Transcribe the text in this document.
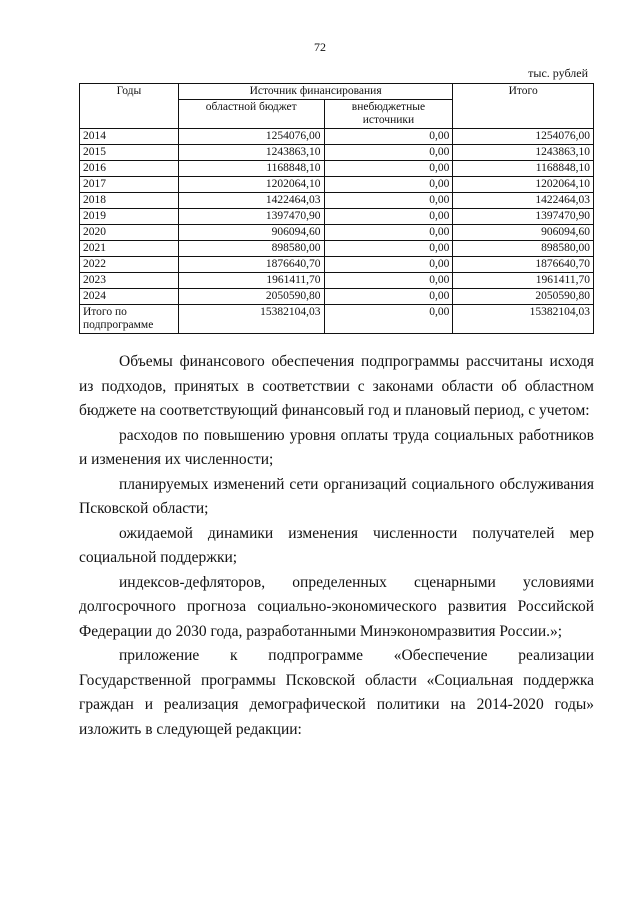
72
тыс. рублей
Годы	Источник финансирования		Итого
	областной бюджет	внебюджетные источники	
2014	1254076,00	0,00	1254076,00
2015	1243863,10	0,00	1243863,10
2016	1168848,10	0,00	1168848,10
2017	1202064,10	0,00	1202064,10
2018	1422464,03	0,00	1422464,03
2019	1397470,90	0,00	1397470,90
2020	906094,60	0,00	906094,60
2021	898580,00	0,00	898580,00
2022	1876640,70	0,00	1876640,70
2023	1961411,70	0,00	1961411,70
2024	2050590,80	0,00	2050590,80
Итого по подпрограмме	15382104,03	0,00	15382104,03

Объемы финансового обеспечения подпрограммы рассчитаны исходя из подходов, принятых в соответствии с законами области об областном бюджете на соответствующий финансовый год и плановый период, с учетом:

расходов по повышению уровня оплаты труда социальных работников и изменения их численности;

планируемых изменений сети организаций социального обслуживания Псковской области;

ожидаемой динамики изменения численности получателей мер социальной поддержки;

индексов-дефляторов, определенных сценарными условиями долгосрочного прогноза социально-экономического развития Российской Федерации до 2030 года, разработанными Минэкономразвития России.»;

приложение к подпрограмме «Обеспечение реализации Государственной программы Псковской области «Социальная поддержка граждан и реализация демографической политики на 2014-2020 годы» изложить в следующей редакции:
